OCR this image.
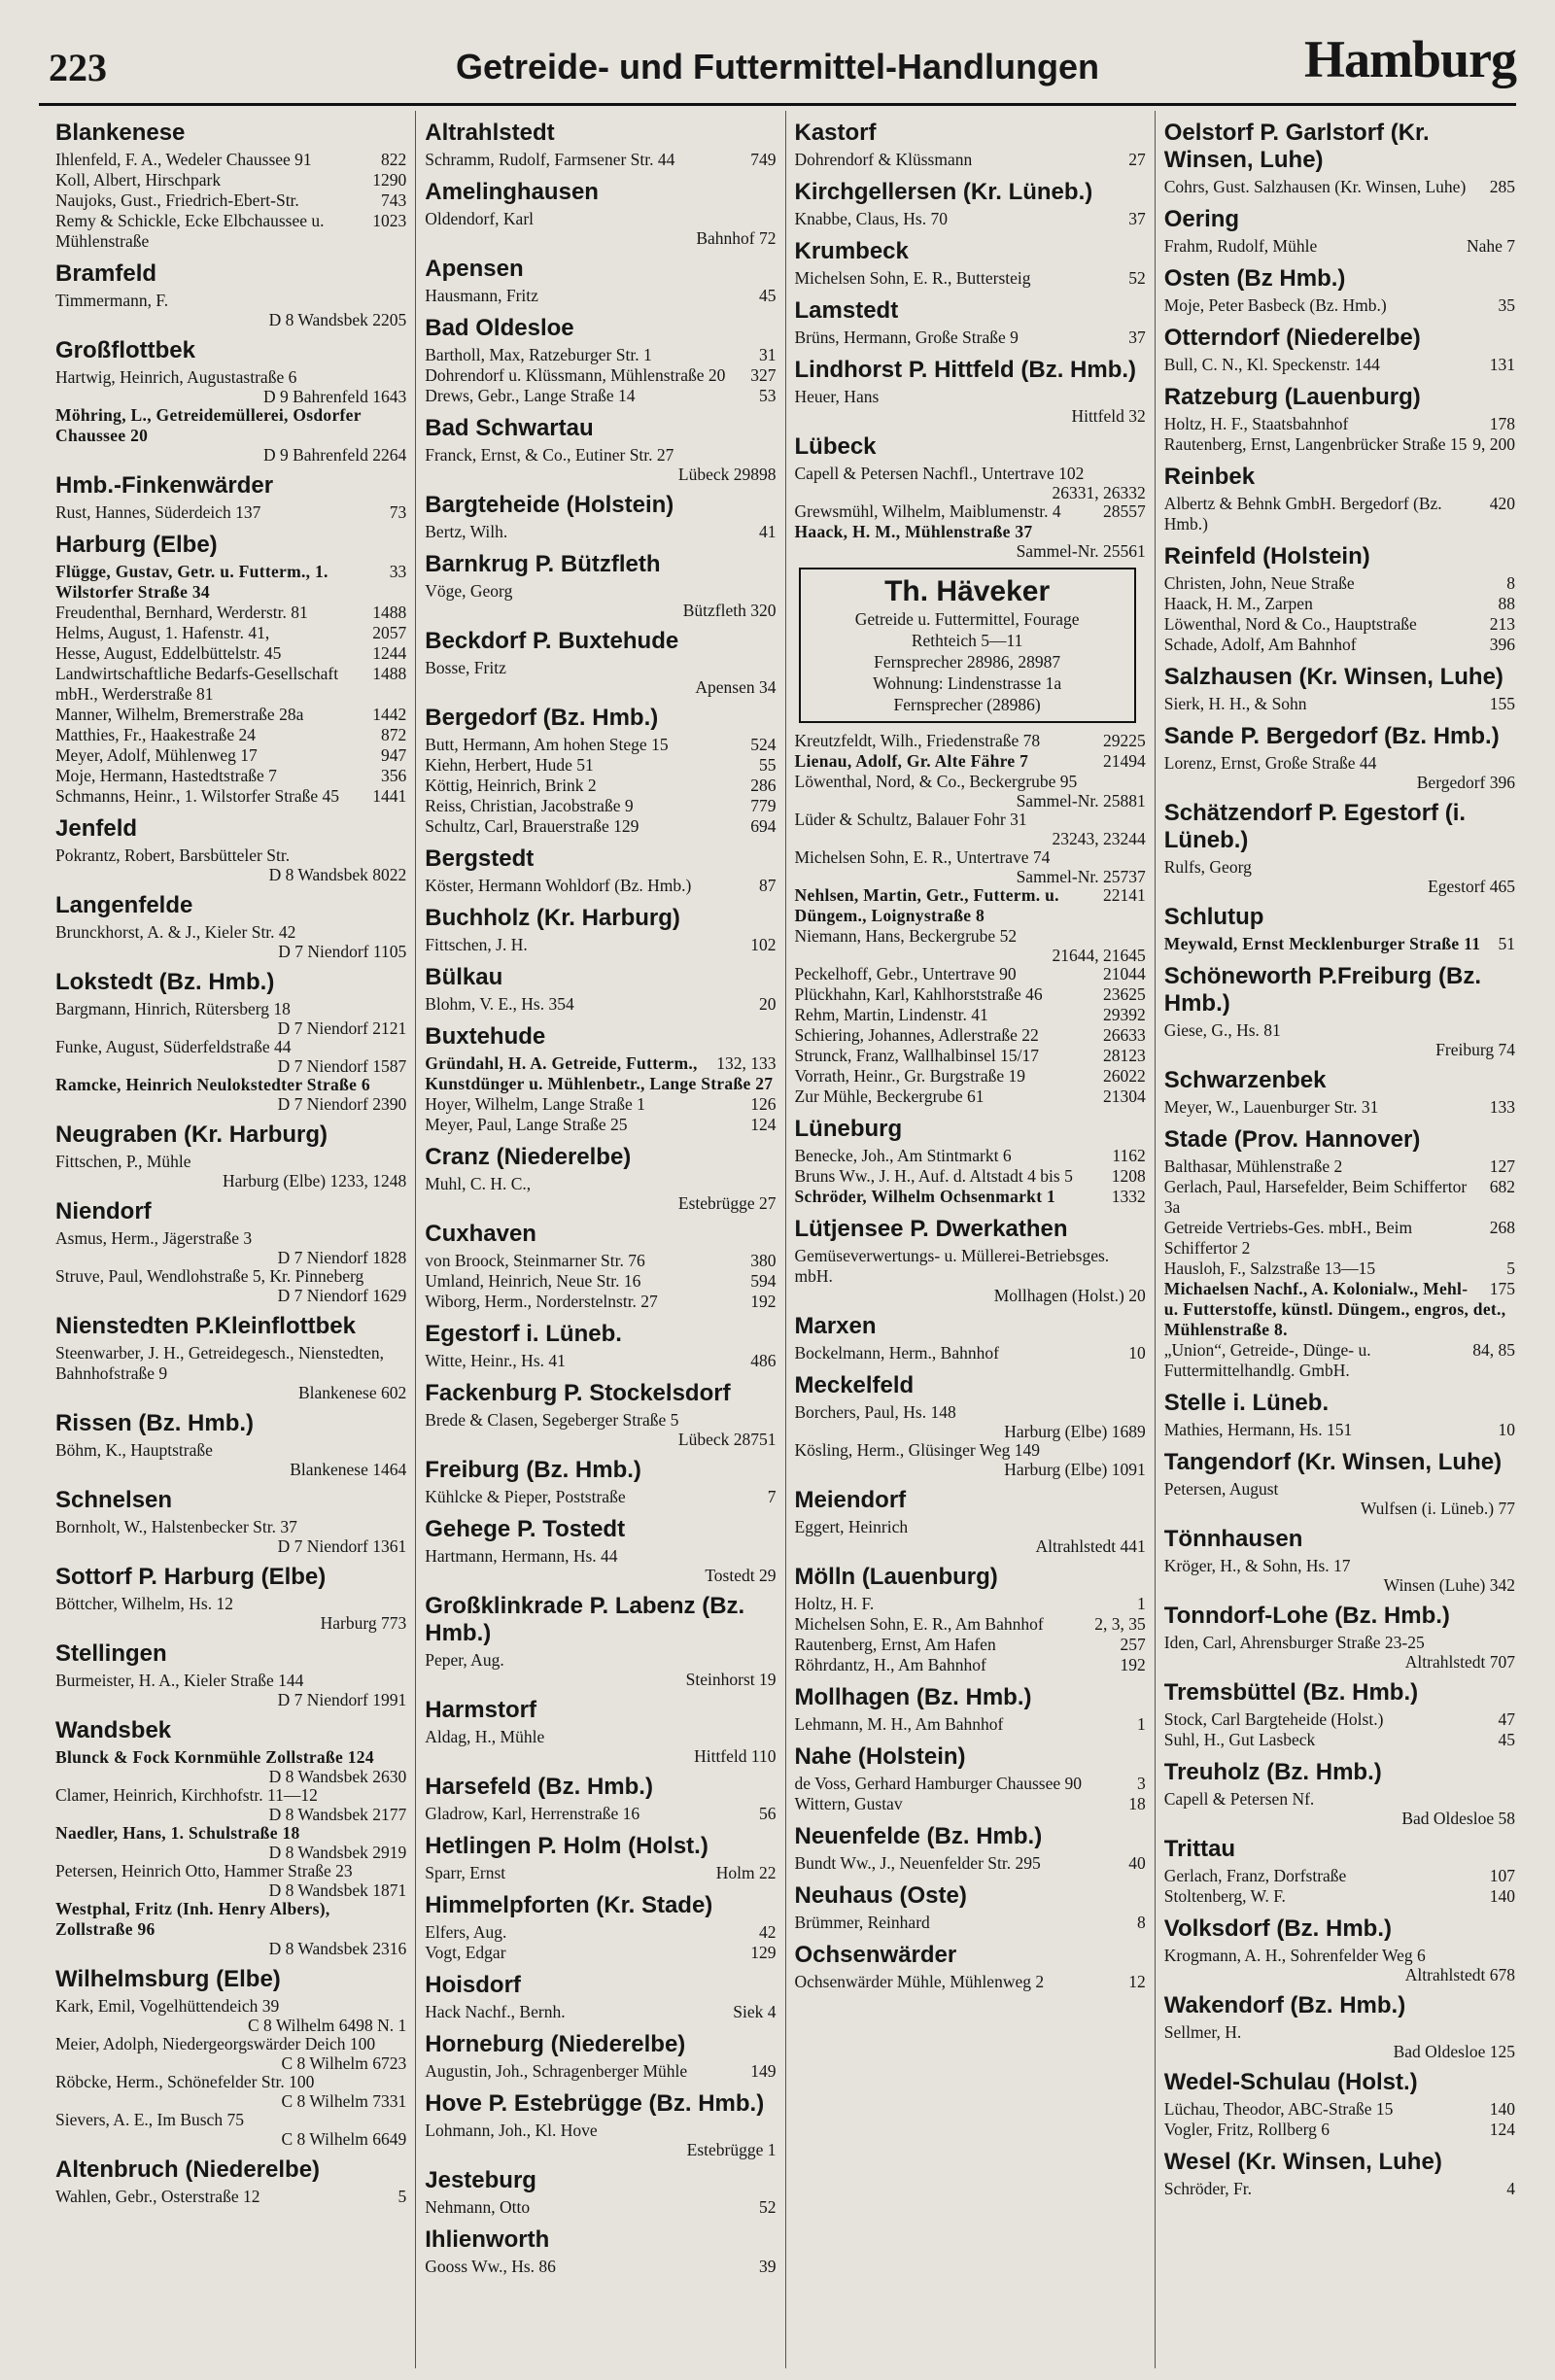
223	Getreide- und Futtermittel-Handlungen	Hamburg
Blankenese
822
Ihlenfeld, F. A., Wedeler Chaussee 91
1290
Koll, Albert, Hirschpark
743
Naujoks, Gust., Friedrich-Ebert-Str.
1023
Remy & Schickle, Ecke Elbchaussee u. Mühlenstraße
Bramfeld
Timmermann, F.
D 8 Wandsbek 2205
Großflottbek
Hartwig, Heinrich, Augustastraße 6
D 9 Bahrenfeld 1643
Möhring, L., Getreidemüllerei, Osdorfer Chaussee 20
D 9 Bahrenfeld 2264
Hmb.-Finkenwärder
73
Rust, Hannes, Süderdeich 137
Harburg (Elbe)
33
Flügge, Gustav, Getr. u. Futterm., 1. Wilstorfer Straße 34
1488
Freudenthal, Bernhard, Werderstr. 81
2057
Helms, August, 1. Hafenstr. 41,
1244
Hesse, August, Eddelbüttelstr. 45
1488
Landwirtschaftliche Bedarfs-Gesellschaft mbH., Werderstraße 81
1442
Manner, Wilhelm, Bremerstraße 28a
872
Matthies, Fr., Haakestraße 24
947
Meyer, Adolf, Mühlenweg 17
356
Moje, Hermann, Hastedtstraße 7
1441
Schmanns, Heinr., 1. Wilstorfer Straße 45
Jenfeld
Pokrantz, Robert, Barsbütteler Str.
D 8 Wandsbek 8022
Langenfelde
Brunckhorst, A. & J., Kieler Str. 42
D 7 Niendorf 1105
Lokstedt (Bz. Hmb.)
Bargmann, Hinrich, Rütersberg 18
D 7 Niendorf 2121
Funke, August, Süderfeldstraße 44
D 7 Niendorf 1587
Ramcke, Heinrich Neulokstedter Straße 6
D 7 Niendorf 2390
Neugraben (Kr. Harburg)
Fittschen, P., Mühle
Harburg (Elbe) 1233, 1248
Niendorf
Asmus, Herm., Jägerstraße 3
D 7 Niendorf 1828
Struve, Paul, Wendlohstraße 5, Kr. Pinneberg
D 7 Niendorf 1629
Nienstedten P.Kleinflottbek
Steenwarber, J. H., Getreidegesch., Nienstedten, Bahnhofstraße 9
Blankenese 602
Rissen (Bz. Hmb.)
Böhm, K., Hauptstraße
Blankenese 1464
Schnelsen
Bornholt, W., Halstenbecker Str. 37
D 7 Niendorf 1361
Sottorf P. Harburg (Elbe)
Böttcher, Wilhelm, Hs. 12
Harburg 773
Stellingen
Burmeister, H. A., Kieler Straße 144
D 7 Niendorf 1991
Wandsbek
Blunck & Fock Kornmühle Zollstraße 124
D 8 Wandsbek 2630
Clamer, Heinrich, Kirchhofstr. 11—12
D 8 Wandsbek 2177
Naedler, Hans, 1. Schulstraße 18
D 8 Wandsbek 2919
Petersen, Heinrich Otto, Hammer Straße 23
D 8 Wandsbek 1871
Westphal, Fritz (Inh. Henry Albers), Zollstraße 96
D 8 Wandsbek 2316
Wilhelmsburg (Elbe)
Kark, Emil, Vogelhüttendeich 39
C 8 Wilhelm 6498 N. 1
Meier, Adolph, Niedergeorgswärder Deich 100
C 8 Wilhelm 6723
Röbcke, Herm., Schönefelder Str. 100
C 8 Wilhelm 7331
Sievers, A. E., Im Busch 75
C 8 Wilhelm 6649
Altenbruch (Niederelbe)
5
Wahlen, Gebr., Osterstraße 12
Altrahlstedt
749
Schramm, Rudolf, Farmsener Str. 44
Amelinghausen
Oldendorf, Karl
Bahnhof 72
Apensen
45
Hausmann, Fritz
Bad Oldesloe
31
Bartholl, Max, Ratzeburger Str. 1
327
Dohrendorf u. Klüssmann, Mühlenstraße 20
53
Drews, Gebr., Lange Straße 14
Bad Schwartau
Franck, Ernst, & Co., Eutiner Str. 27
Lübeck 29898
Bargteheide (Holstein)
41
Bertz, Wilh.
Barnkrug P. Bützfleth
Vöge, Georg
Bützfleth 320
Beckdorf P. Buxtehude
Bosse, Fritz
Apensen 34
Bergedorf (Bz. Hmb.)
524
Butt, Hermann, Am hohen Stege 15
55
Kiehn, Herbert, Hude 51
286
Köttig, Heinrich, Brink 2
779
Reiss, Christian, Jacobstraße 9
694
Schultz, Carl, Brauerstraße 129
Bergstedt
87
Köster, Hermann Wohldorf (Bz. Hmb.)
Buchholz (Kr. Harburg)
102
Fittschen, J. H.
Bülkau
20
Blohm, V. E., Hs. 354
Buxtehude
132, 133
Gründahl, H. A. Getreide, Futterm., Kunstdünger u. Mühlenbetr., Lange Straße 27
126
Hoyer, Wilhelm, Lange Straße 1
124
Meyer, Paul, Lange Straße 25
Cranz (Niederelbe)
Muhl, C. H. C.,
Estebrügge 27
Cuxhaven
380
von Broock, Steinmarner Str. 76
594
Umland, Heinrich, Neue Str. 16
192
Wiborg, Herm., Norderstelnstr. 27
Egestorf i. Lüneb.
486
Witte, Heinr., Hs. 41
Fackenburg P. Stockelsdorf
Brede & Clasen, Segeberger Straße 5
Lübeck 28751
Freiburg (Bz. Hmb.)
7
Kühlcke & Pieper, Poststraße
Gehege P. Tostedt
Hartmann, Hermann, Hs. 44
Tostedt 29
Großklinkrade P. Labenz (Bz. Hmb.)
Peper, Aug.
Steinhorst 19
Harmstorf
Aldag, H., Mühle
Hittfeld 110
Harsefeld (Bz. Hmb.)
56
Gladrow, Karl, Herrenstraße 16
Hetlingen P. Holm (Holst.)
Holm 22
Sparr, Ernst
Himmelpforten (Kr. Stade)
42
Elfers, Aug.
129
Vogt, Edgar
Hoisdorf
Siek 4
Hack Nachf., Bernh.
Horneburg (Niederelbe)
149
Augustin, Joh., Schragenberger Mühle
Hove P. Estebrügge (Bz. Hmb.)
Lohmann, Joh., Kl. Hove
Estebrügge 1
Jesteburg
52
Nehmann, Otto
Ihlienworth
39
Gooss Ww., Hs. 86
Kastorf
27
Dohrendorf & Klüssmann
Kirchgellersen (Kr. Lüneb.)
37
Knabbe, Claus, Hs. 70
Krumbeck
52
Michelsen Sohn, E. R., Buttersteig
Lamstedt
37
Brüns, Hermann, Große Straße 9
Lindhorst P. Hittfeld (Bz. Hmb.)
Heuer, Hans
Hittfeld 32
Lübeck
Capell & Petersen Nachfl., Untertrave 102
26331, 26332
28557
Grewsmühl, Wilhelm, Maiblumenstr. 4
Haack, H. M., Mühlenstraße 37
Sammel-Nr. 25561
Th. Häveker
Getreide u. Futtermittel, Fourage
Rethteich 5—11
Fernsprecher 28986, 28987
Wohnung: Lindenstrasse 1a
Fernsprecher (28986)
29225
Kreutzfeldt, Wilh., Friedenstraße 78
21494
Lienau, Adolf, Gr. Alte Fähre 7
Löwenthal, Nord, & Co., Beckergrube 95
Sammel-Nr. 25881
Lüder & Schultz, Balauer Fohr 31
23243, 23244
Michelsen Sohn, E. R., Untertrave 74
Sammel-Nr. 25737
22141
Nehlsen, Martin, Getr., Futterm. u. Düngem., Loignystraße 8
Niemann, Hans, Beckergrube 52
21644, 21645
21044
Peckelhoff, Gebr., Untertrave 90
23625
Plückhahn, Karl, Kahlhorststraße 46
29392
Rehm, Martin, Lindenstr. 41
26633
Schiering, Johannes, Adlerstraße 22
28123
Strunck, Franz, Wallhalbinsel 15/17
26022
Vorrath, Heinr., Gr. Burgstraße 19
21304
Zur Mühle, Beckergrube 61
Lüneburg
1162
Benecke, Joh., Am Stintmarkt 6
1208
Bruns Ww., J. H., Auf. d. Altstadt 4 bis 5
1332
Schröder, Wilhelm Ochsenmarkt 1
Lütjensee P. Dwerkathen
Gemüseverwertungs- u. Müllerei-Betriebsges. mbH.
Mollhagen (Holst.) 20
Marxen
10
Bockelmann, Herm., Bahnhof
Meckelfeld
Borchers, Paul, Hs. 148
Harburg (Elbe) 1689
Kösling, Herm., Glüsinger Weg 149
Harburg (Elbe) 1091
Meiendorf
Eggert, Heinrich
Altrahlstedt 441
Mölln (Lauenburg)
1
Holtz, H. F.
2, 3, 35
Michelsen Sohn, E. R., Am Bahnhof
257
Rautenberg, Ernst, Am Hafen
192
Röhrdantz, H., Am Bahnhof
Mollhagen (Bz. Hmb.)
1
Lehmann, M. H., Am Bahnhof
Nahe (Holstein)
3
de Voss, Gerhard Hamburger Chaussee 90
18
Wittern, Gustav
Neuenfelde (Bz. Hmb.)
40
Bundt Ww., J., Neuenfelder Str. 295
Neuhaus (Oste)
8
Brümmer, Reinhard
Ochsenwärder
12
Ochsenwärder Mühle, Mühlenweg 2
Oelstorf P. Garlstorf (Kr. Winsen, Luhe)
285
Cohrs, Gust. Salzhausen (Kr. Winsen, Luhe)
Oering
Nahe 7
Frahm, Rudolf, Mühle
Osten (Bz Hmb.)
35
Moje, Peter Basbeck (Bz. Hmb.)
Otterndorf (Niederelbe)
131
Bull, C. N., Kl. Speckenstr. 144
Ratzeburg (Lauenburg)
178
Holtz, H. F., Staatsbahnhof
9, 200
Rautenberg, Ernst, Langenbrücker Straße 15
Reinbek
420
Albertz & Behnk GmbH. Bergedorf (Bz. Hmb.)
Reinfeld (Holstein)
8
Christen, John, Neue Straße
88
Haack, H. M., Zarpen
213
Löwenthal, Nord & Co., Hauptstraße
396
Schade, Adolf, Am Bahnhof
Salzhausen (Kr. Winsen, Luhe)
155
Sierk, H. H., & Sohn
Sande P. Bergedorf (Bz. Hmb.)
Lorenz, Ernst, Große Straße 44
Bergedorf 396
Schätzendorf P. Egestorf (i. Lüneb.)
Rulfs, Georg
Egestorf 465
Schlutup
51
Meywald, Ernst Mecklenburger Straße 11
Schöneworth P.Freiburg (Bz. Hmb.)
Giese, G., Hs. 81
Freiburg 74
Schwarzenbek
133
Meyer, W., Lauenburger Str. 31
Stade (Prov. Hannover)
127
Balthasar, Mühlenstraße 2
682
Gerlach, Paul, Harsefelder, Beim Schiffertor 3a
268
Getreide Vertriebs-Ges. mbH., Beim Schiffertor 2
5
Hausloh, F., Salzstraße 13—15
175
Michaelsen Nachf., A. Kolonialw., Mehl- u. Futterstoffe, künstl. Düngem., engros, det., Mühlenstraße 8.
84, 85
„Union“, Getreide-, Dünge- u. Futtermittelhandlg. GmbH.
Stelle i. Lüneb.
10
Mathies, Hermann, Hs. 151
Tangendorf (Kr. Winsen, Luhe)
Petersen, August
Wulfsen (i. Lüneb.) 77
Tönnhausen
Kröger, H., & Sohn, Hs. 17
Winsen (Luhe) 342
Tonndorf-Lohe (Bz. Hmb.)
Iden, Carl, Ahrensburger Straße 23-25
Altrahlstedt 707
Tremsbüttel (Bz. Hmb.)
47
Stock, Carl Bargteheide (Holst.)
45
Suhl, H., Gut Lasbeck
Treuholz (Bz. Hmb.)
Capell & Petersen Nf.
Bad Oldesloe 58
Trittau
107
Gerlach, Franz, Dorfstraße
140
Stoltenberg, W. F.
Volksdorf (Bz. Hmb.)
Krogmann, A. H., Sohrenfelder Weg 6
Altrahlstedt 678
Wakendorf (Bz. Hmb.)
Sellmer, H.
Bad Oldesloe 125
Wedel-Schulau (Holst.)
140
Lüchau, Theodor, ABC-Straße 15
124
Vogler, Fritz, Rollberg 6
Wesel (Kr. Winsen, Luhe)
4
Schröder, Fr.
